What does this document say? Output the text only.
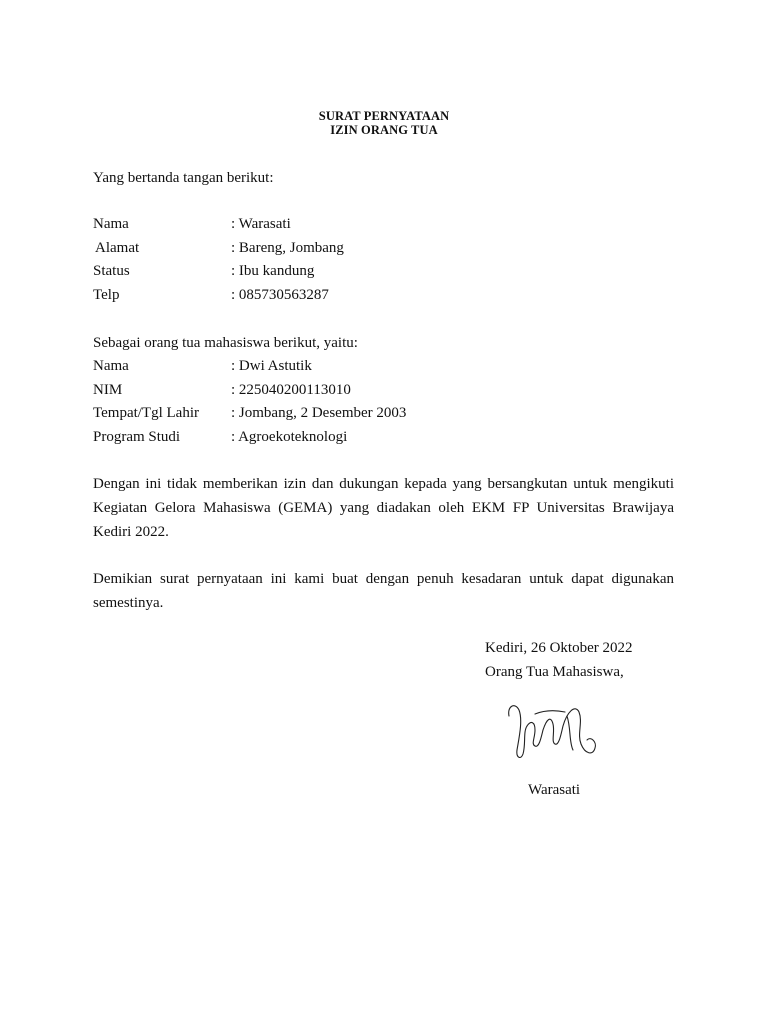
SURAT PERNYATAAN
IZIN ORANG TUA
Yang bertanda tangan berikut:
Nama	: Warasati
Alamat	: Bareng, Jombang
Status	: Ibu kandung
Telp	: 085730563287
Sebagai orang tua mahasiswa berikut, yaitu:
Nama	: Dwi Astutik
NIM	: 225040200113010
Tempat/Tgl Lahir : Jombang, 2 Desember 2003
Program Studi	: Agroekoteknologi
Dengan ini tidak memberikan izin dan dukungan kepada yang bersangkutan untuk mengikuti Kegiatan Gelora Mahasiswa (GEMA) yang diadakan oleh EKM FP Universitas Brawijaya Kediri 2022.
Demikian surat pernyataan ini kami buat dengan penuh kesadaran untuk dapat digunakan semestinya.
Kediri, 26 Oktober 2022
Orang Tua Mahasiswa,
Warasati
